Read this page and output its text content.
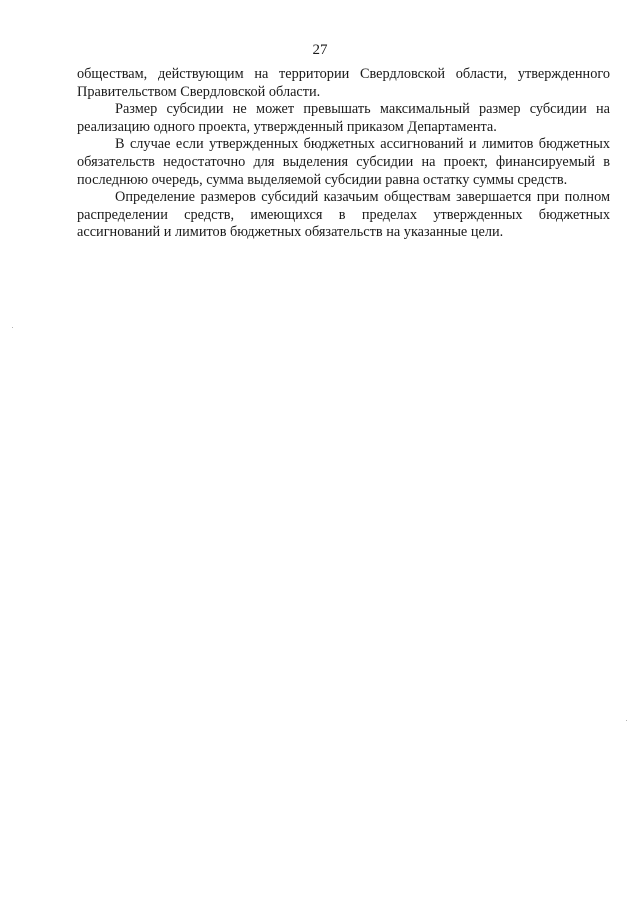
27

обществам, действующим на территории Свердловской области, утвержденного Правительством Свердловской области.

Размер субсидии не может превышать максимальный размер субсидии на реализацию одного проекта, утвержденный приказом Департамента.

В случае если утвержденных бюджетных ассигнований и лимитов бюджетных обязательств недостаточно для выделения субсидии на проект, финансируемый в последнюю очередь, сумма выделяемой субсидии равна остатку суммы средств.

Определение размеров субсидий казачьим обществам завершается при полном распределении средств, имеющихся в пределах утвержденных бюджетных ассигнований и лимитов бюджетных обязательств на указанные цели.
